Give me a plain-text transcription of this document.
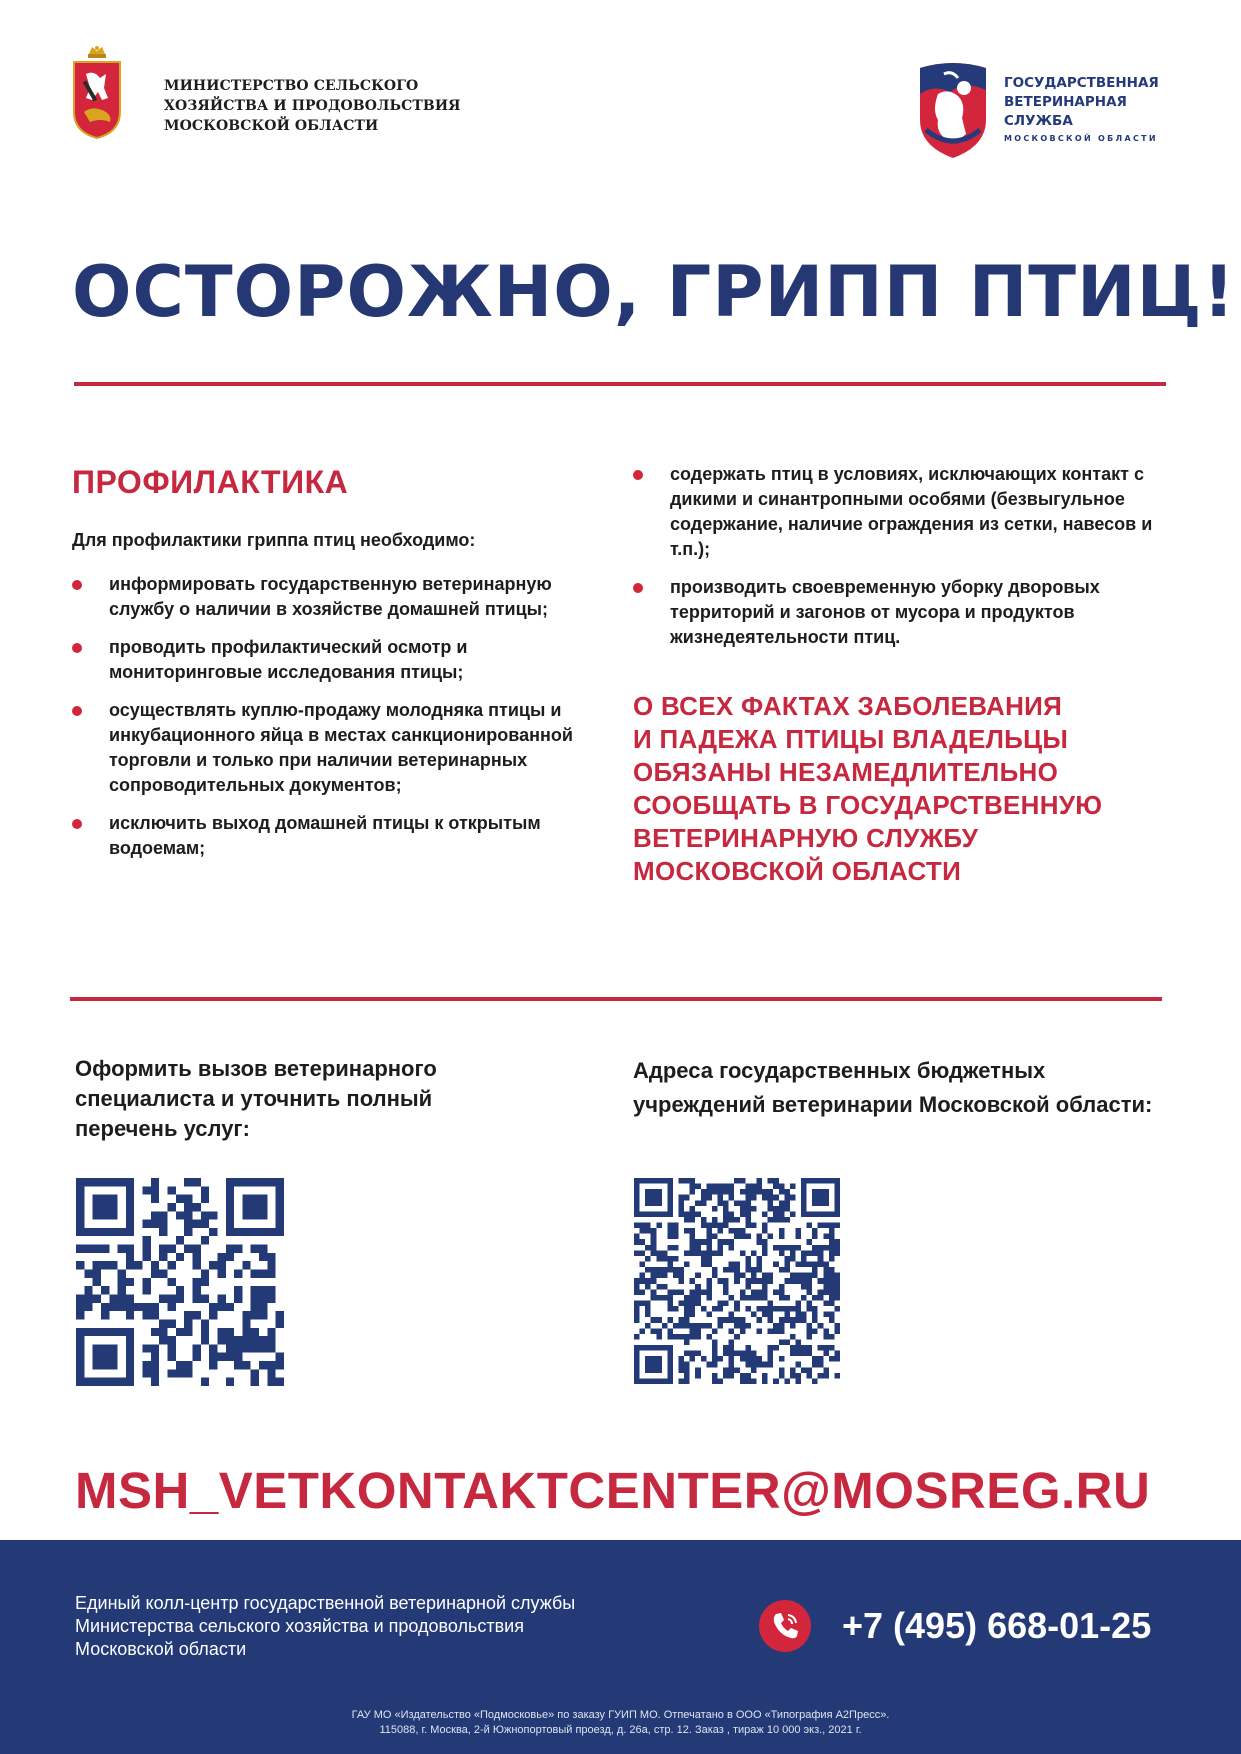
МИНИСТЕРСТВО СЕЛЬСКОГО
ХОЗЯЙСТВА И ПРОДОВОЛЬСТВИЯ
МОСКОВСКОЙ ОБЛАСТИ
ГОСУДАРСТВЕННАЯ
ВЕТЕРИНАРНАЯ
СЛУЖБА
МОСКОВСКОЙ ОБЛАСТИ
ОСТОРОЖНО, ГРИПП ПТИЦ!
ПРОФИЛАКТИКА
Для профилактики гриппа птиц необходимо:
информировать государственную ветеринарную службу о наличии в хозяйстве домашней птицы;
проводить профилактический осмотр и мониторинговые исследования птицы;
осуществлять куплю-продажу молодняка птицы и инкубационного яйца в местах санкционированной торговли и только при наличии ветеринарных сопроводительных документов;
исключить выход домашней птицы к открытым водоемам;
содержать птиц в условиях, исключающих контакт с дикими и синантропными особями (безвыгульное содержание, наличие ограждения из сетки, навесов и т.п.);
производить своевременную уборку дворовых территорий и загонов от мусора и продуктов жизнедеятельности птиц.
О ВСЕХ ФАКТАХ ЗАБОЛЕВАНИЯ
И ПАДЕЖА ПТИЦЫ ВЛАДЕЛЬЦЫ
ОБЯЗАНЫ НЕЗАМЕДЛИТЕЛЬНО
СООБЩАТЬ В ГОСУДАРСТВЕННУЮ
ВЕТЕРИНАРНУЮ СЛУЖБУ
МОСКОВСКОЙ ОБЛАСТИ
Оформить вызов ветеринарного
специалиста и уточнить полный
перечень услуг:
Адреса государственных бюджетных
учреждений ветеринарии Московской области:
MSH_VETKONTAKTCENTER@MOSREG.RU
Единый колл-центр государственной ветеринарной службы
Министерства сельского хозяйства и продовольствия
Московской области
+7 (495) 668-01-25
ГАУ МО «Издательство «Подмосковье» по заказу ГУИП МО. Отпечатано в ООО «Типография А2Пресс».
115088, г. Москва, 2-й Южнопортовый проезд, д. 26а, стр. 12. Заказ , тираж 10 000 экз., 2021 г.
